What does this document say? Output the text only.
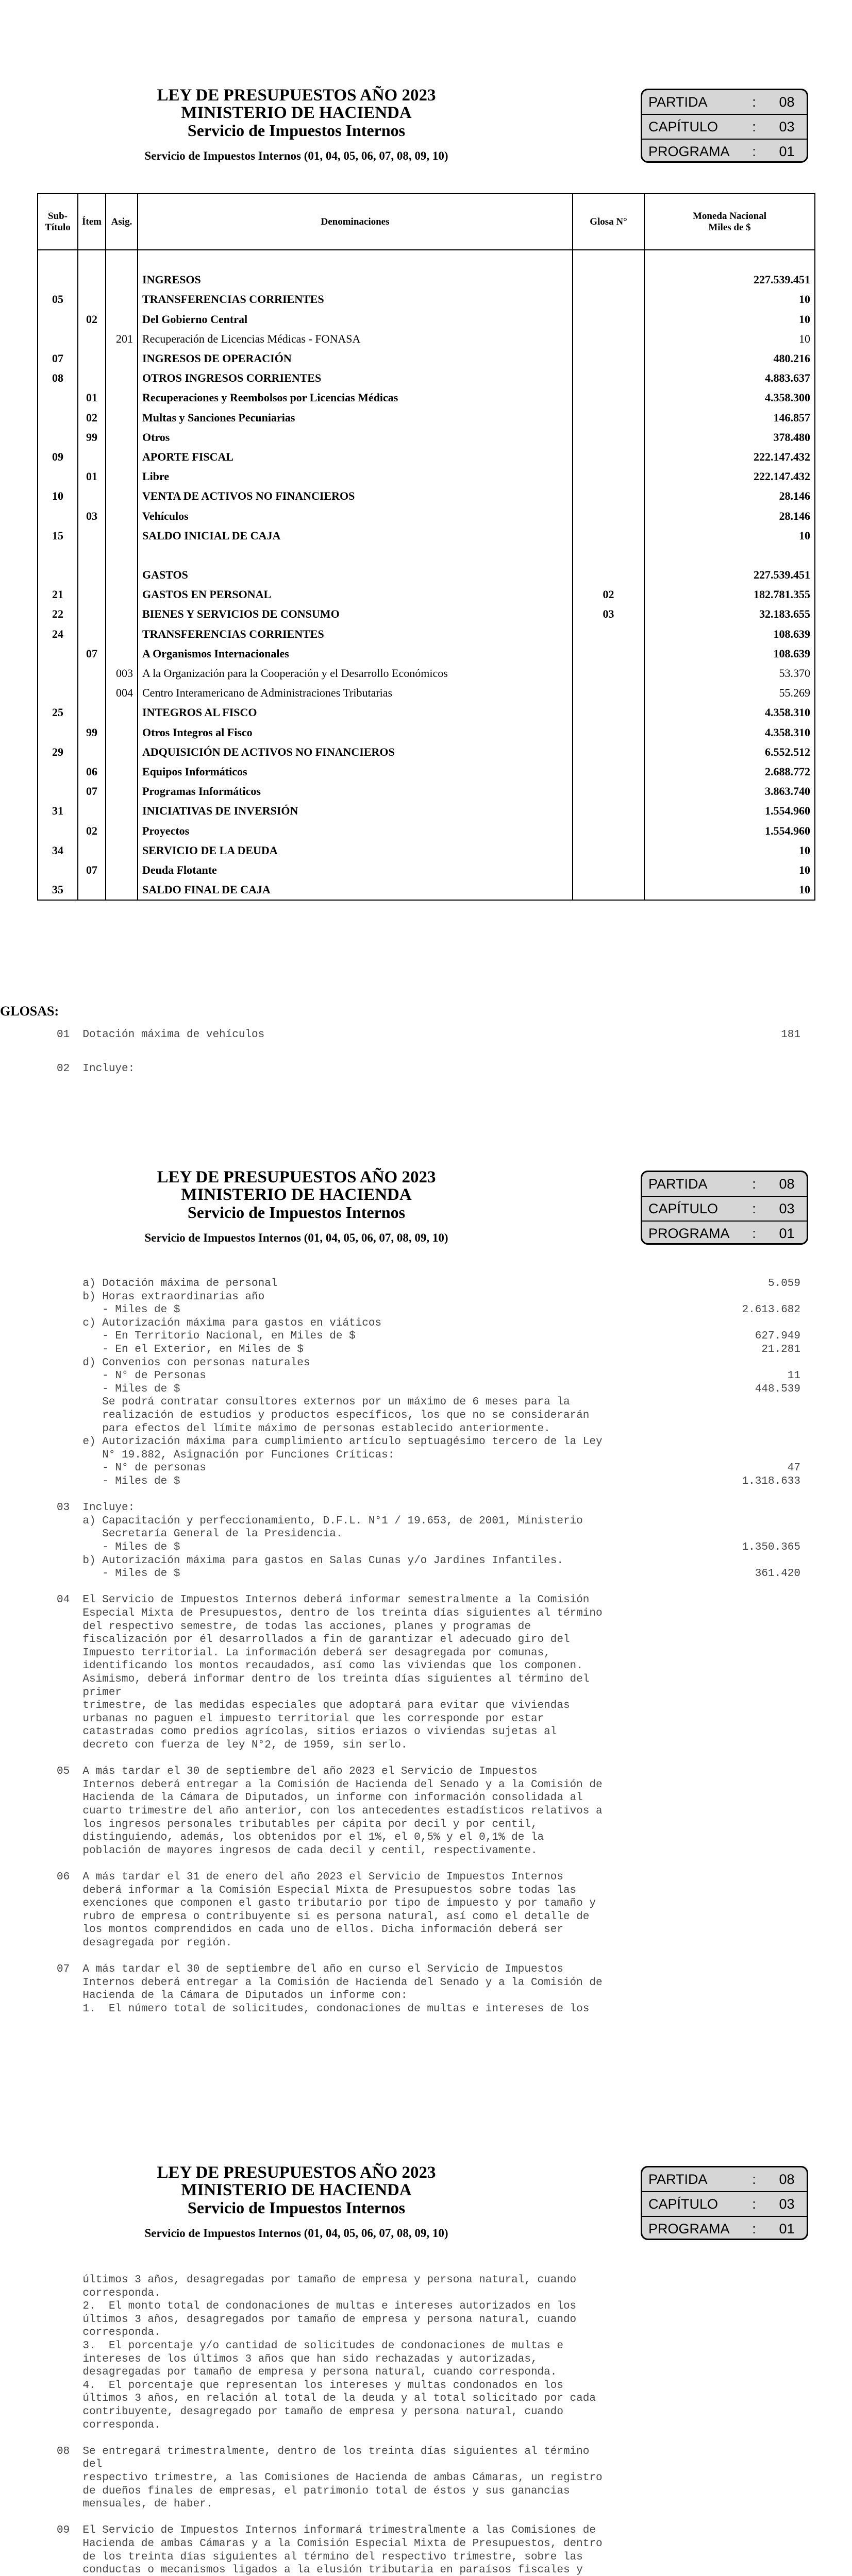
LEY DE PRESUPUESTOS AÑO 2023
MINISTERIO DE HACIENDA
Servicio de Impuestos Internos
Servicio de Impuestos Internos (01, 04, 05, 06, 07, 08, 09, 10)
PARTIDA	:	08
CAPÍTULO	:	03
PROGRAMA	:	01
Sub-
Título	Ítem	Asig.	Denominaciones	Glosa N°	Moneda Nacional
Miles de $

			INGRESOS		227.539.451
05			TRANSFERENCIAS CORRIENTES		10
	02		Del Gobierno Central		10
		201	Recuperación de Licencias Médicas - FONASA		10
07			INGRESOS DE OPERACIÓN		480.216
08			OTROS INGRESOS CORRIENTES		4.883.637
	01		Recuperaciones y Reembolsos por Licencias Médicas		4.358.300
	02		Multas y Sanciones Pecuniarias		146.857
	99		Otros		378.480
09			APORTE FISCAL		222.147.432
	01		Libre		222.147.432
10			VENTA DE ACTIVOS NO FINANCIEROS		28.146
	03		Vehículos		28.146
15			SALDO INICIAL DE CAJA		10

			GASTOS		227.539.451
21			GASTOS EN PERSONAL	02	182.781.355
22			BIENES Y SERVICIOS DE CONSUMO	03	32.183.655
24			TRANSFERENCIAS CORRIENTES		108.639
	07		A Organismos Internacionales		108.639
		003	A la Organización para la Cooperación y el Desarrollo Económicos		53.370
		004	Centro Interamericano de Administraciones Tributarias		55.269
25			INTEGROS AL FISCO		4.358.310
	99		Otros Integros al Fisco		4.358.310
29			ADQUISICIÓN DE ACTIVOS NO FINANCIEROS		6.552.512
	06		Equipos Informáticos		2.688.772
	07		Programas Informáticos		3.863.740
31			INICIATIVAS DE INVERSIÓN		1.554.960
	02		Proyectos		1.554.960
34			SERVICIO DE LA DEUDA		10
	07		Deuda Flotante		10
35			SALDO FINAL DE CAJA		10
GLOSAS:
01  Dotación máxima de vehículos	181
02  Incluye:
LEY DE PRESUPUESTOS AÑO 2023
MINISTERIO DE HACIENDA
Servicio de Impuestos Internos
Servicio de Impuestos Internos (01, 04, 05, 06, 07, 08, 09, 10)
PARTIDA	:	08
CAPÍTULO	:	03
PROGRAMA	:	01
a) Dotación máxima de personal	5.059
b) Horas extraordinarias año
- Miles de $	2.613.682
c) Autorización máxima para gastos en viáticos
- En Territorio Nacional, en Miles de $	627.949
- En el Exterior, en Miles de $	21.281
d) Convenios con personas naturales
- N° de Personas	11
- Miles de $	448.539
Se podrá contratar consultores externos por un máximo de 6 meses para la
realización de estudios y productos específicos, los que no se considerarán
para efectos del límite máximo de personas establecido anteriormente.
e) Autorización máxima para cumplimiento artículo septuagésimo tercero de la Ley
N° 19.882, Asignación por Funciones Críticas:
- N° de personas	47
- Miles de $	1.318.633
03  Incluye:
a) Capacitación y perfeccionamiento, D.F.L. N°1 / 19.653, de 2001, Ministerio
Secretaría General de la Presidencia.
- Miles de $	1.350.365
b) Autorización máxima para gastos en Salas Cunas y/o Jardines Infantiles.
- Miles de $	361.420
04  El Servicio de Impuestos Internos deberá informar semestralmente a la Comisión
Especial Mixta de Presupuestos, dentro de los treinta días siguientes al término
del respectivo semestre, de todas las acciones, planes y programas de
fiscalización por él desarrollados a fin de garantizar el adecuado giro del
Impuesto territorial. La información deberá ser desagregada por comunas,
identificando los montos recaudados, así como las viviendas que los componen.
Asimismo, deberá informar dentro de los treinta días siguientes al término del
primer
trimestre, de las medidas especiales que adoptará para evitar que viviendas
urbanas no paguen el impuesto territorial que les corresponde por estar
catastradas como predios agrícolas, sitios eriazos o viviendas sujetas al
decreto con fuerza de ley N°2, de 1959, sin serlo.
05  A más tardar el 30 de septiembre del año 2023 el Servicio de Impuestos
Internos deberá entregar a la Comisión de Hacienda del Senado y a la Comisión de
Hacienda de la Cámara de Diputados, un informe con información consolidada al
cuarto trimestre del año anterior, con los antecedentes estadísticos relativos a
los ingresos personales tributables per cápita por decil y por centil,
distinguiendo, además, los obtenidos por el 1%, el 0,5% y el 0,1% de la
población de mayores ingresos de cada decil y centil, respectivamente.
06  A más tardar el 31 de enero del año 2023 el Servicio de Impuestos Internos
deberá informar a la Comisión Especial Mixta de Presupuestos sobre todas las
exenciones que componen el gasto tributario por tipo de impuesto y por tamaño y
rubro de empresa o contribuyente si es persona natural, así como el detalle de
los montos comprendidos en cada uno de ellos. Dicha información deberá ser
desagregada por región.
07  A más tardar el 30 de septiembre del año en curso el Servicio de Impuestos
Internos deberá entregar a la Comisión de Hacienda del Senado y a la Comisión de
Hacienda de la Cámara de Diputados un informe con:
1.  El número total de solicitudes, condonaciones de multas e intereses de los
LEY DE PRESUPUESTOS AÑO 2023
MINISTERIO DE HACIENDA
Servicio de Impuestos Internos
Servicio de Impuestos Internos (01, 04, 05, 06, 07, 08, 09, 10)
PARTIDA	:	08
CAPÍTULO	:	03
PROGRAMA	:	01
últimos 3 años, desagregadas por tamaño de empresa y persona natural, cuando
corresponda.
2.  El monto total de condonaciones de multas e intereses autorizados en los
últimos 3 años, desagregados por tamaño de empresa y persona natural, cuando
corresponda.
3.  El porcentaje y/o cantidad de solicitudes de condonaciones de multas e
intereses de los últimos 3 años que han sido rechazadas y autorizadas,
desagregadas por tamaño de empresa y persona natural, cuando corresponda.
4.  El porcentaje que representan los intereses y multas condonados en los
últimos 3 años, en relación al total de la deuda y al total solicitado por cada
contribuyente, desagregado por tamaño de empresa y persona natural, cuando
corresponda.
08  Se entregará trimestralmente, dentro de los treinta días siguientes al término
del
respectivo trimestre, a las Comisiones de Hacienda de ambas Cámaras, un registro
de dueños finales de empresas, el patrimonio total de éstos y sus ganancias
mensuales, de haber.
09  El Servicio de Impuestos Internos informará trimestralmente a las Comisiones de
Hacienda de ambas Cámaras y a la Comisión Especial Mixta de Presupuestos, dentro
de los treinta días siguientes al término del respectivo trimestre, sobre las
conductas o mecanismos ligados a la elusión tributaria en paraísos fiscales y
